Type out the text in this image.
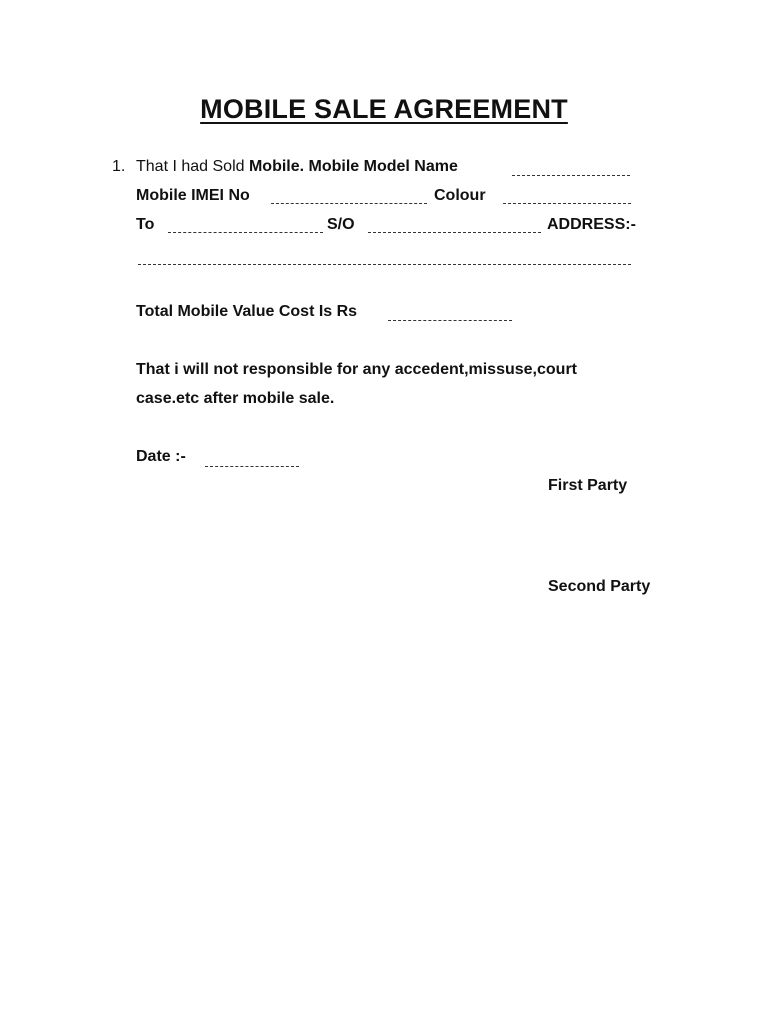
MOBILE SALE AGREEMENT
1. That I had Sold Mobile. Mobile Model Name
Mobile IMEI No	Colour
To	S/O	ADDRESS:-
Total Mobile Value Cost Is Rs
That i will not responsible for any accedent,missuse,court
case.etc after mobile sale.
Date :-
First Party
Second Party
